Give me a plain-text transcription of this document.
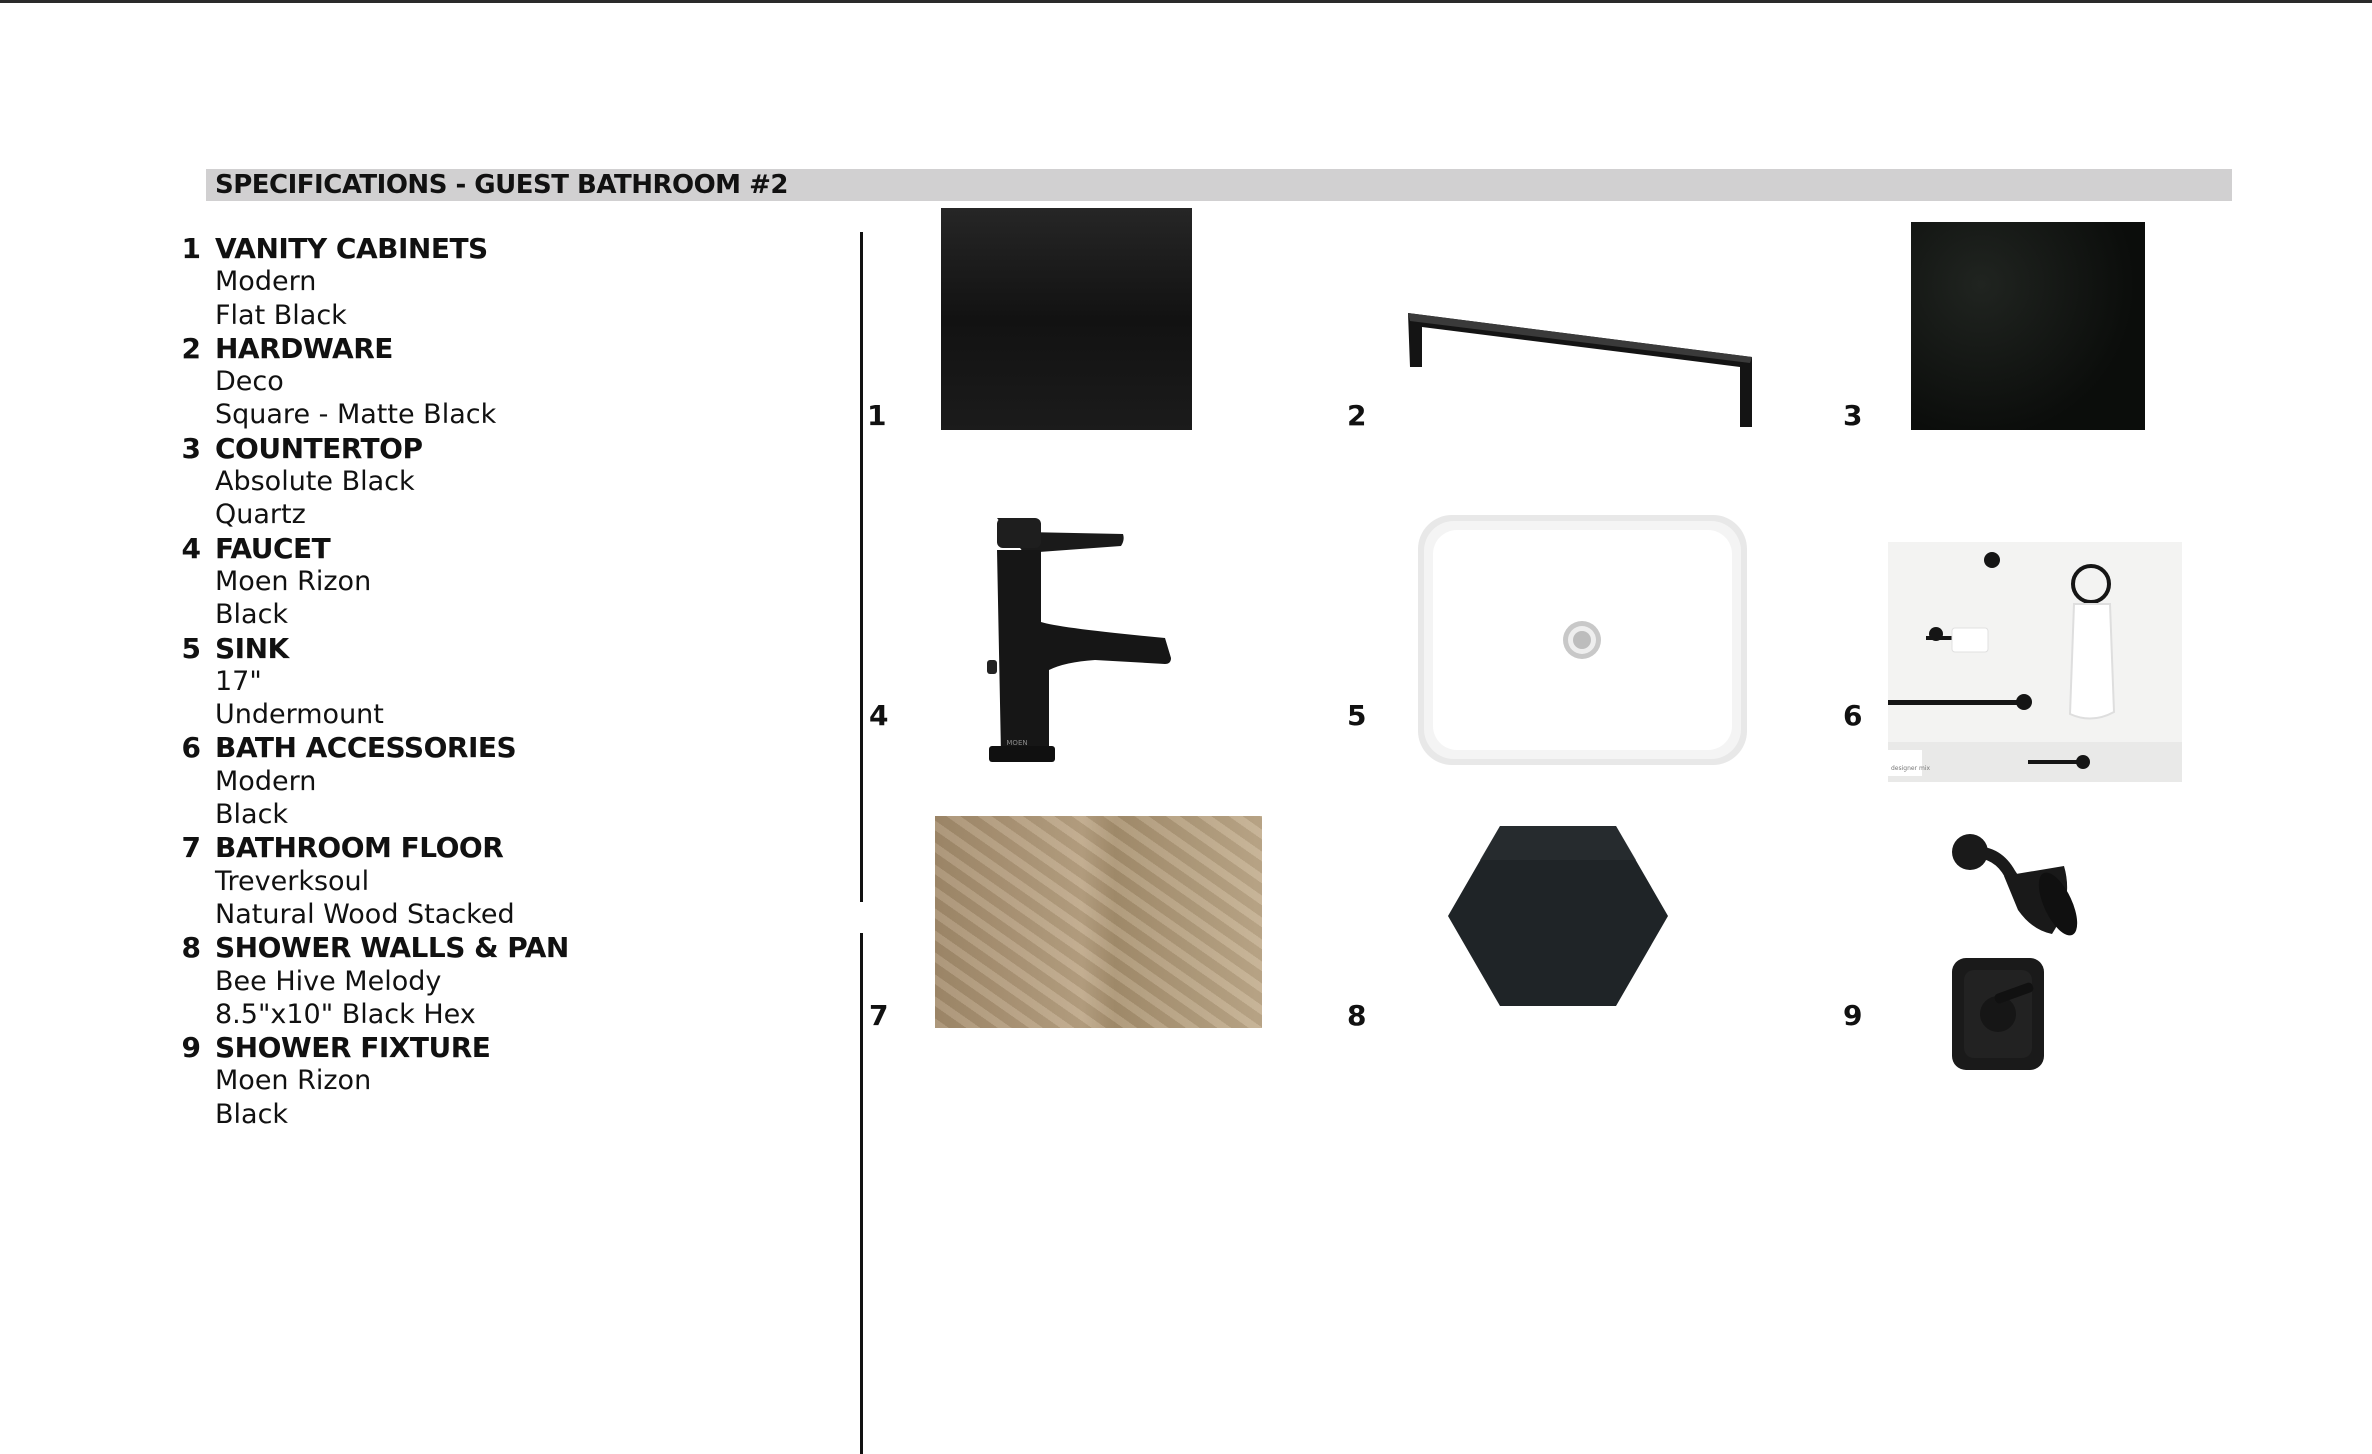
SPECIFICATIONS - GUEST BATHROOM #2
1 VANITY CABINETS
Modern
Flat Black
2 HARDWARE
Deco
Square - Matte Black
3 COUNTERTOP
Absolute Black
Quartz
4 FAUCET
Moen Rizon
Black
5 SINK
17"
Undermount
6 BATH ACCESSORIES
Modern
Black
7 BATHROOM FLOOR
Treverksoul
Natural Wood Stacked
8 SHOWER WALLS & PAN
Bee Hive Melody
8.5"x10" Black Hex
9 SHOWER FIXTURE
Moen Rizon
Black
1	2	3
4	5	6
7	8	9
MOEN
designer mix
